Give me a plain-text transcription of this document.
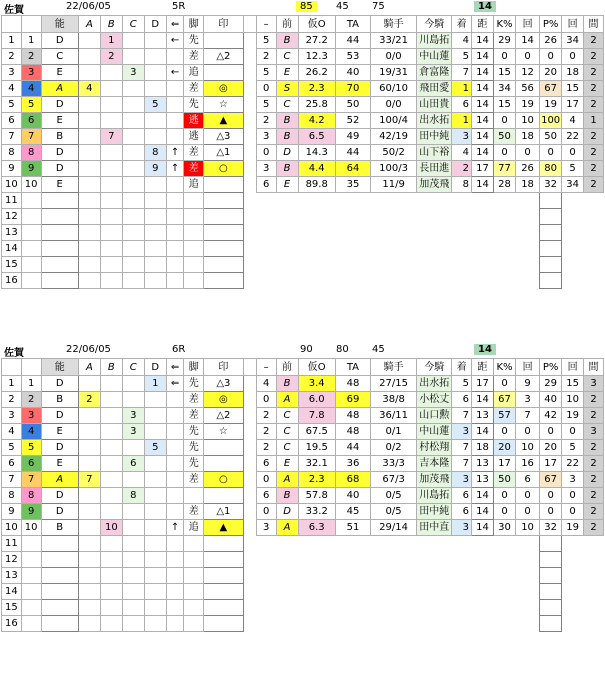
佐賀	22/06/05	5R	85	45 75	14
		能	A	B	C	D	⇐	脚	印		–	前	仮O	TA	騎手	今騎	着	距	K%	回	P%	回	間
1	1	D		1			←	先			5	B	27.2	44	33/21	川島拓	4	14	29	14	26	34	2
2	2	C		2				差	△2		2	C	12.3	53	0/0	中山蓮	5	14	0	0	0	0	2
3	3	E			3		←	追			5	E	26.2	40	19/31	倉富隆	7	14	15	12	20	18	2
4	4	A	4					差	◎		0	S	2.3	70	60/10	飛田愛	1	14	34	56	67	15	2
5	5	D				5		先	☆		5	C	25.8	50	0/0	山田貴	6	14	15	19	19	17	2
6	6	E						逃	▲		2	B	4.2	52	100/4	出水拓	1	14	0	10	100	4	1
7	7	B		7				逃	△3		3	B	6.5	49	42/19	田中純	3	14	50	18	50	22	2
8	8	D				8	↑	差	△1		0	D	14.3	44	50/2	山下裕	4	14	0	0	0	0	2
9	9	D				9	↑	差	○		3	B	4.4	64	100/3	長田進	2	17	77	26	80	5	2
10	10	E						追			6	E	89.8	35	11/9	加茂飛	8	14	28	18	32	34	2
11																							
12																							
13																							
14																							
15																							
16																							
佐賀	22/06/05	6R	90	80 45	14
		能	A	B	C	D	⇐	脚	印		–	前	仮O	TA	騎手	今騎	着	距	K%	回	P%	回	間
1	1	D				1	⇐	先	△3		4	B	3.4	48	27/15	出水拓	5	17	0	9	29	15	3
2	2	B	2					差	◎		0	A	6.0	69	38/8	小松丈	6	14	67	3	40	10	2
3	3	D			3			差	△2		2	C	7.8	48	36/11	山口勲	7	13	57	7	42	19	2
4	4	E			3			先	☆		2	C	67.5	48	0/1	中山蓮	3	14	0	0	0	0	3
5	5	D				5		先			2	C	19.5	44	0/2	村松翔	7	18	20	10	20	5	2
6	6	E			6			先			6	E	32.1	36	33/3	吉本隆	7	13	17	16	17	22	2
7	7	A	7					差	○		0	A	2.3	68	67/3	加茂飛	3	13	50	6	67	3	2
8	8	D			8						6	B	57.8	40	0/5	川島拓	6	14	0	0	0	0	2
9	9	D						差	△1		0	D	33.2	45	0/5	田中純	6	14	0	0	0	0	2
10	10	B		10			↑	追	▲		3	A	6.3	51	29/14	田中直	3	14	30	10	32	19	2
11																							
12																							
13																							
14																							
15																							
16																							
